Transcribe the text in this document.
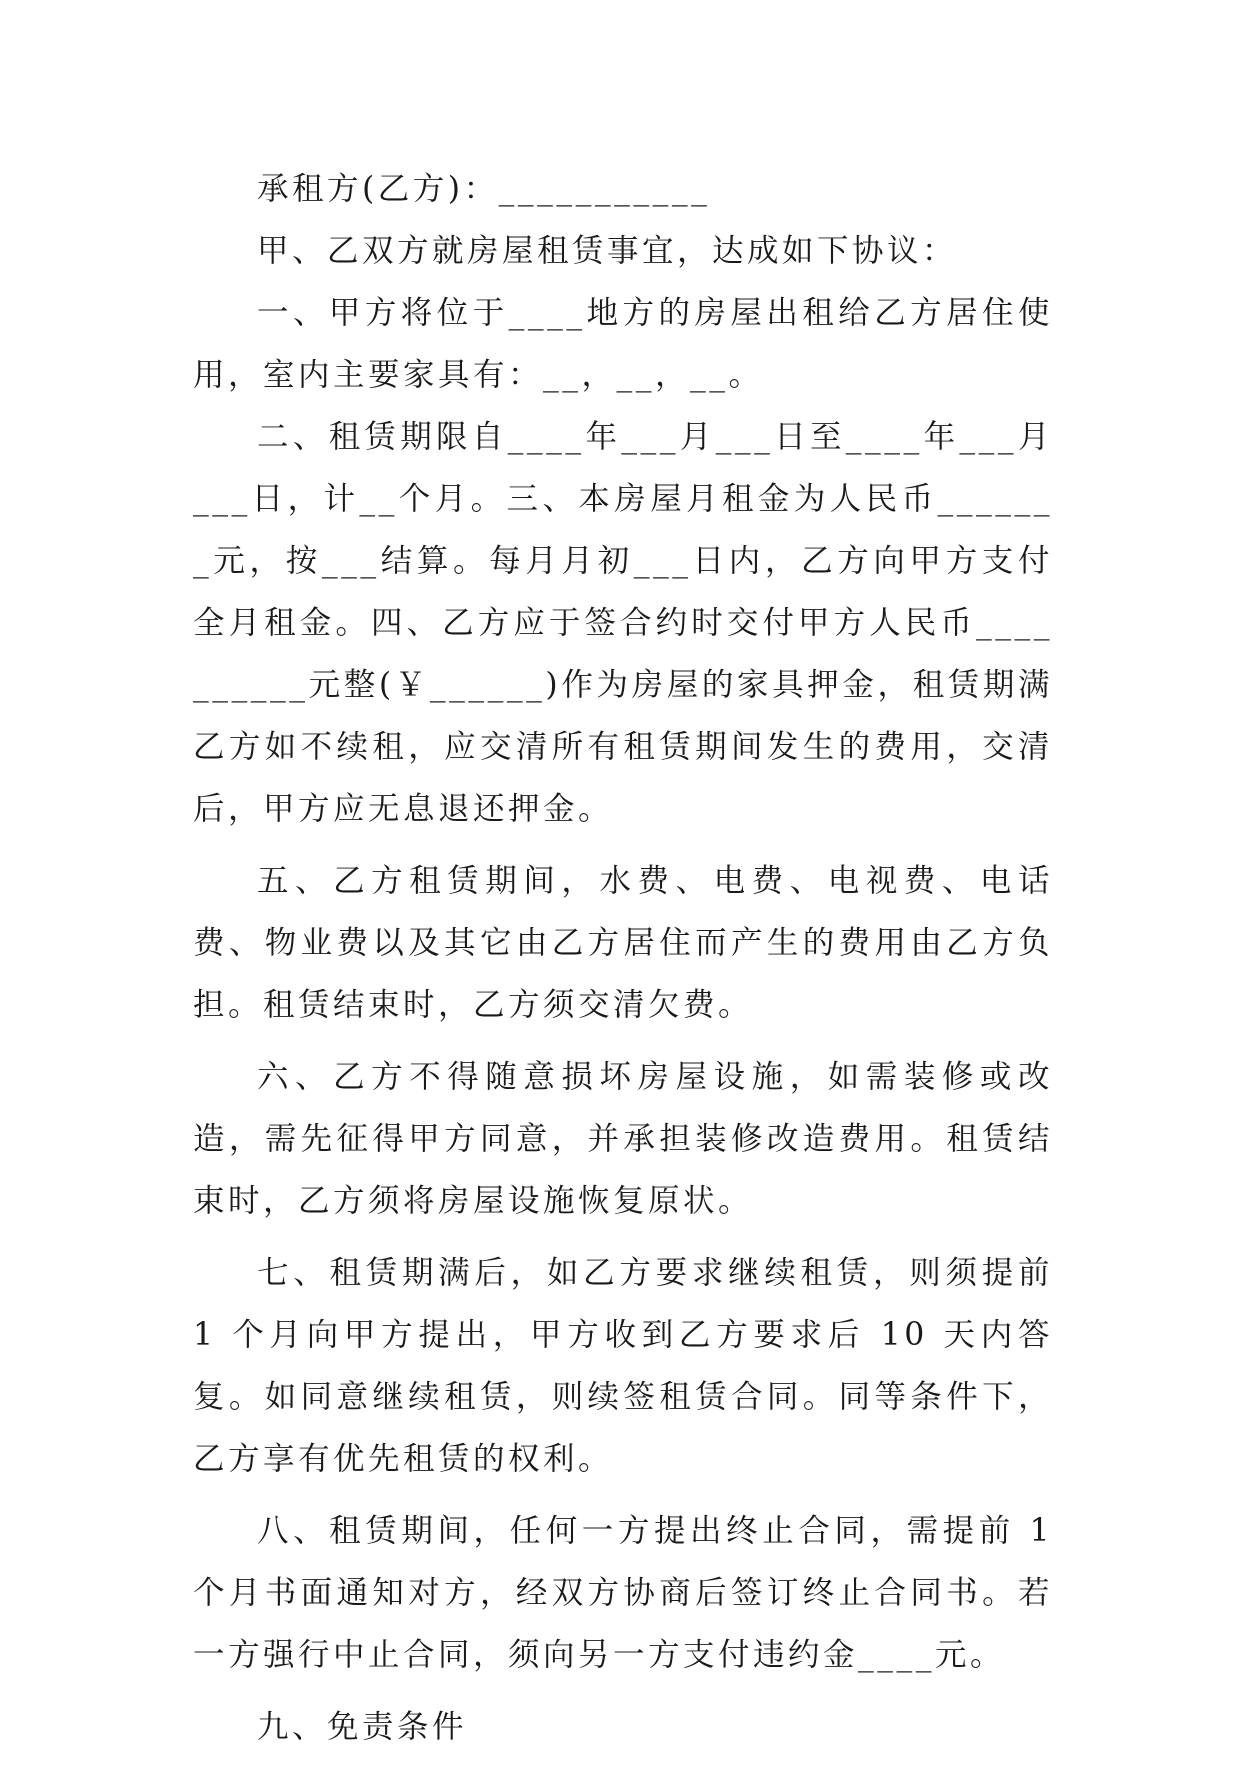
承租方(乙方)：___________

甲、乙双方就房屋租赁事宜，达成如下协议：

一、甲方将位于____地方的房屋出租给乙方居住使用，室内主要家具有：__，__，__。

二、租赁期限自____年___月___日至____年___月___日，计__个月。三、本房屋月租金为人民币_______元，按___结算。每月月初___日内，乙方向甲方支付全月租金。四、乙方应于签合约时交付甲方人民币__________元整(￥______)作为房屋的家具押金，租赁期满乙方如不续租，应交清所有租赁期间发生的费用，交清后，甲方应无息退还押金。

五、乙方租赁期间，水费、电费、电视费、电话费、物业费以及其它由乙方居住而产生的费用由乙方负担。租赁结束时，乙方须交清欠费。

六、乙方不得随意损坏房屋设施，如需装修或改造，需先征得甲方同意，并承担装修改造费用。租赁结束时，乙方须将房屋设施恢复原状。

七、租赁期满后，如乙方要求继续租赁，则须提前 1 个月向甲方提出，甲方收到乙方要求后 10 天内答复。如同意继续租赁，则续签租赁合同。同等条件下，乙方享有优先租赁的权利。

八、租赁期间，任何一方提出终止合同，需提前 1 个月书面通知对方，经双方协商后签订终止合同书。若一方强行中止合同，须向另一方支付违约金____元。

九、免责条件
